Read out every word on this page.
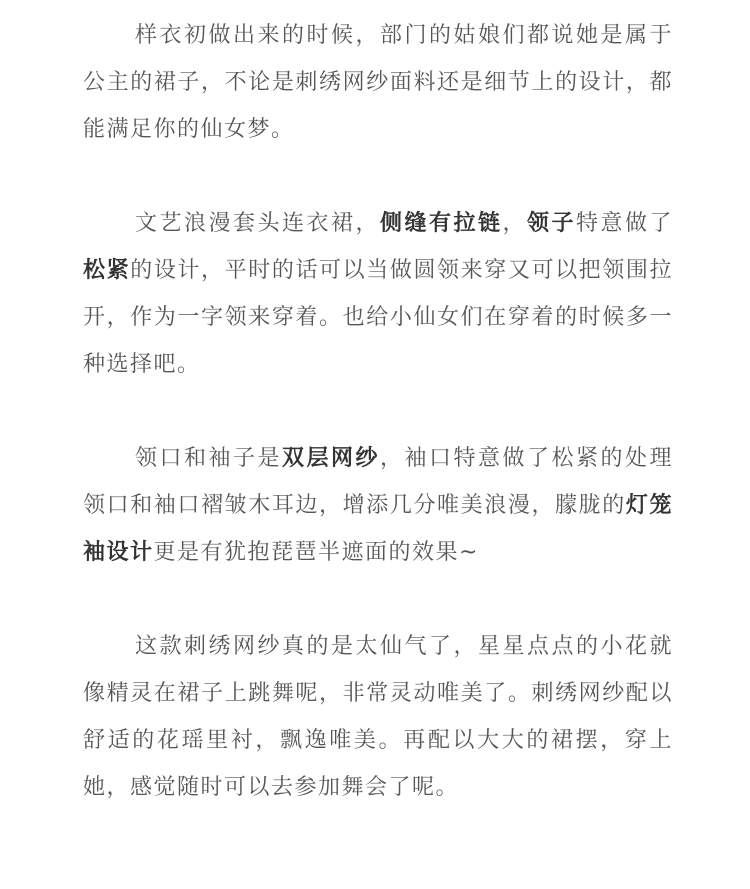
样衣初做出来的时候，部门的姑娘们都说她是属于公主的裙子，不论是刺绣网纱面料还是细节上的设计，都能满足你的仙女梦。

文艺浪漫套头连衣裙，侧缝有拉链，领子特意做了松紧的设计，平时的话可以当做圆领来穿又可以把领围拉开，作为一字领来穿着。也给小仙女们在穿着的时候多一种选择吧。

领口和袖子是双层网纱，袖口特意做了松紧的处理领口和袖口褶皱木耳边，增添几分唯美浪漫，朦胧的灯笼袖设计更是有犹抱琵琶半遮面的效果~

这款刺绣网纱真的是太仙气了，星星点点的小花就像精灵在裙子上跳舞呢，非常灵动唯美了。刺绣网纱配以舒适的花瑶里衬，飘逸唯美。再配以大大的裙摆，穿上她，感觉随时可以去参加舞会了呢。
